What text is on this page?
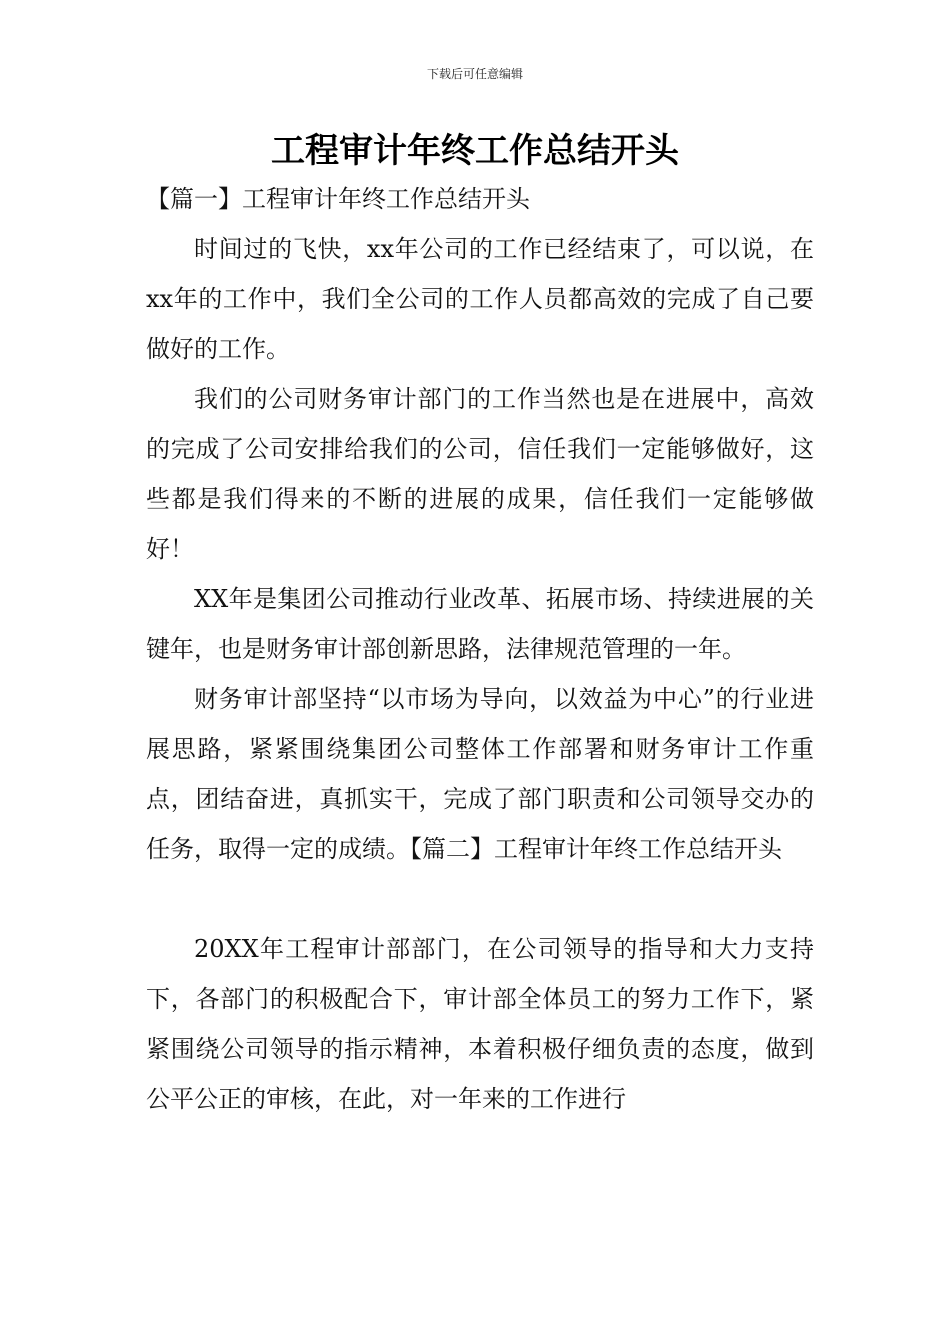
下载后可任意编辑
工程审计年终工作总结开头

【篇一】工程审计年终工作总结开头

时间过的飞快，xx年公司的工作已经结束了，可以说，在xx年的工作中，我们全公司的工作人员都高效的完成了自己要做好的工作。

我们的公司财务审计部门的工作当然也是在进展中，高效的完成了公司安排给我们的公司，信任我们一定能够做好，这些都是我们得来的不断的进展的成果，信任我们一定能够做好！

XX年是集团公司推动行业改革、拓展市场、持续进展的关键年，也是财务审计部创新思路，法律规范管理的一年。

财务审计部坚持“以市场为导向，以效益为中心”的行业进展思路，紧紧围绕集团公司整体工作部署和财务审计工作重点，团结奋进，真抓实干，完成了部门职责和公司领导交办的任务，取得一定的成绩。【篇二】工程审计年终工作总结开头

20XX年工程审计部部门，在公司领导的指导和大力支持下，各部门的积极配合下，审计部全体员工的努力工作下，紧紧围绕公司领导的指示精神，本着积极仔细负责的态度，做到公平公正的审核，在此，对一年来的工作进行
